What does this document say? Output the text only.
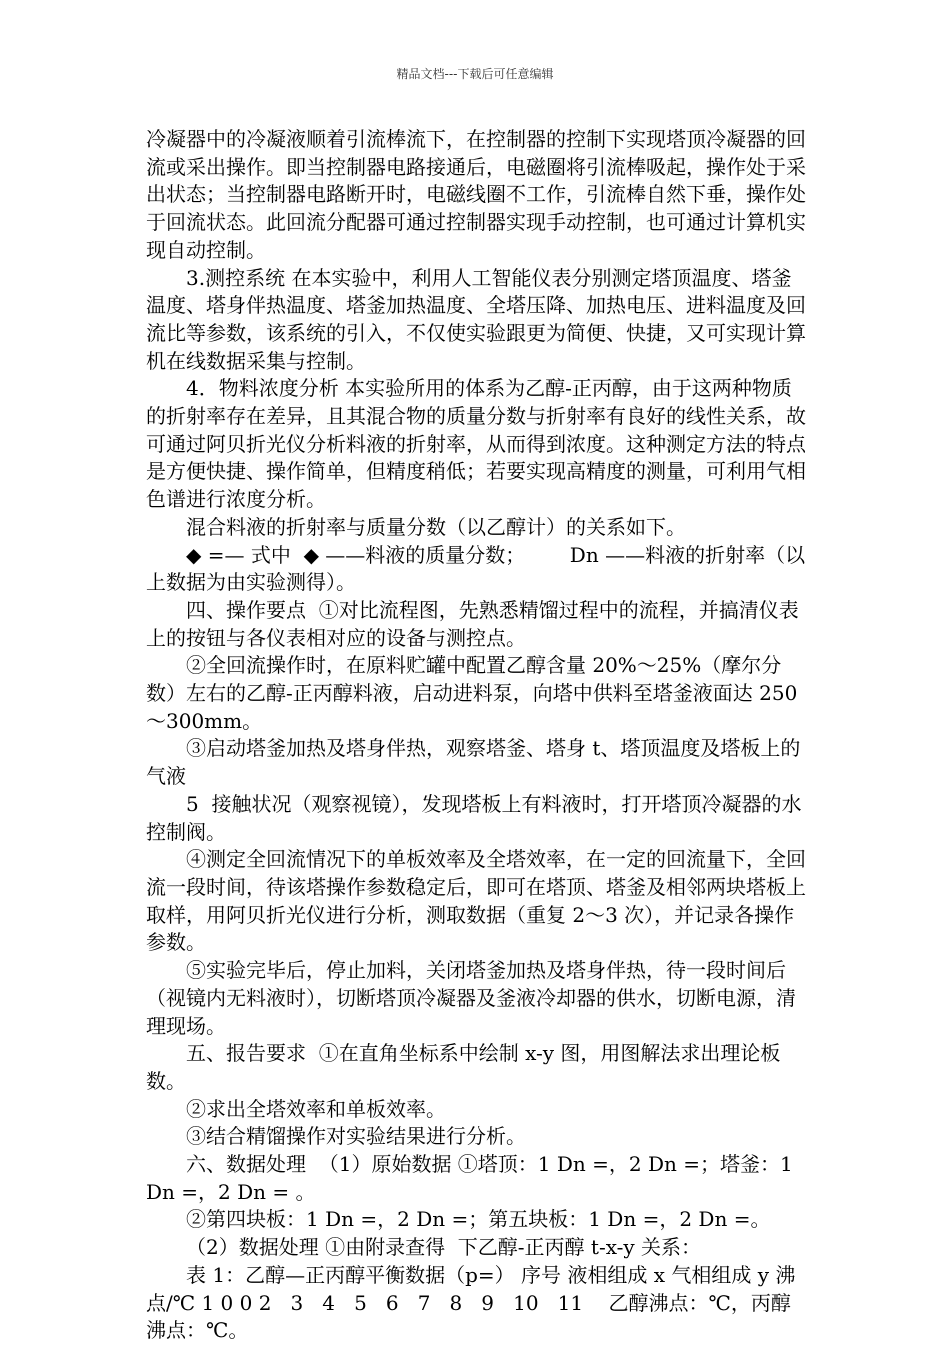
精品文档---下载后可任意编辑

冷凝器中的冷凝液顺着引流棒流下，在控制器的控制下实现塔顶冷凝器的回流或采出操作。即当控制器电路接通后，电磁圈将引流棒吸起，操作处于采出状态；当控制器电路断开时，电磁线圈不工作，引流棒自然下垂，操作处于回流状态。此回流分配器可通过控制器实现手动控制，也可通过计算机实现自动控制。

3.测控系统 在本实验中，利用人工智能仪表分别测定塔顶温度、塔釜温度、塔身伴热温度、塔釜加热温度、全塔压降、加热电压、进料温度及回流比等参数，该系统的引入，不仅使实验跟更为简便、快捷，又可实现计算机在线数据采集与控制。

4．物料浓度分析 本实验所用的体系为乙醇-正丙醇，由于这两种物质的折射率存在差异，且其混合物的质量分数与折射率有良好的线性关系，故可通过阿贝折光仪分析料液的折射率，从而得到浓度。这种测定方法的特点是方便快捷、操作简单，但精度稍低；若要实现高精度的测量，可利用气相色谱进行浓度分析。

混合料液的折射率与质量分数（以乙醇计）的关系如下。

◆ =— 式中  ◆ ——料液的质量分数；       Dn ——料液的折射率（以上数据为由实验测得）。

四、操作要点  ①对比流程图，先熟悉精馏过程中的流程，并搞清仪表上的按钮与各仪表相对应的设备与测控点。

②全回流操作时，在原料贮罐中配置乙醇含量 20%～25%（摩尔分数）左右的乙醇-正丙醇料液，启动进料泵，向塔中供料至塔釜液面达 250～300mm。

③启动塔釜加热及塔身伴热，观察塔釜、塔身 t、塔顶温度及塔板上的气液

5  接触状况（观察视镜），发现塔板上有料液时，打开塔顶冷凝器的水控制阀。

④测定全回流情况下的单板效率及全塔效率，在一定的回流量下，全回流一段时间，待该塔操作参数稳定后，即可在塔顶、塔釜及相邻两块塔板上取样，用阿贝折光仪进行分析，测取数据（重复 2～3 次），并记录各操作参数。

⑤实验完毕后，停止加料，关闭塔釜加热及塔身伴热，待一段时间后（视镜内无料液时），切断塔顶冷凝器及釜液冷却器的供水，切断电源，清理现场。

五、报告要求  ①在直角坐标系中绘制 x-y 图，用图解法求出理论板数。

②求出全塔效率和单板效率。

③结合精馏操作对实验结果进行分析。

六、数据处理  （1）原始数据 ①塔顶：1 Dn =，2 Dn =；塔釜：1 Dn =，2 Dn = 。

②第四块板：1 Dn =，2 Dn =；第五块板：1 Dn =，2 Dn =。

（2）数据处理 ①由附录查得  下乙醇-正丙醇 t-x-y 关系：

表 1：乙醇—正丙醇平衡数据（p=） 序号 液相组成 x 气相组成 y 沸点/℃ 1 0 0 2   3   4   5   6   7   8   9   10   11    乙醇沸点：℃，丙醇沸点：℃。
